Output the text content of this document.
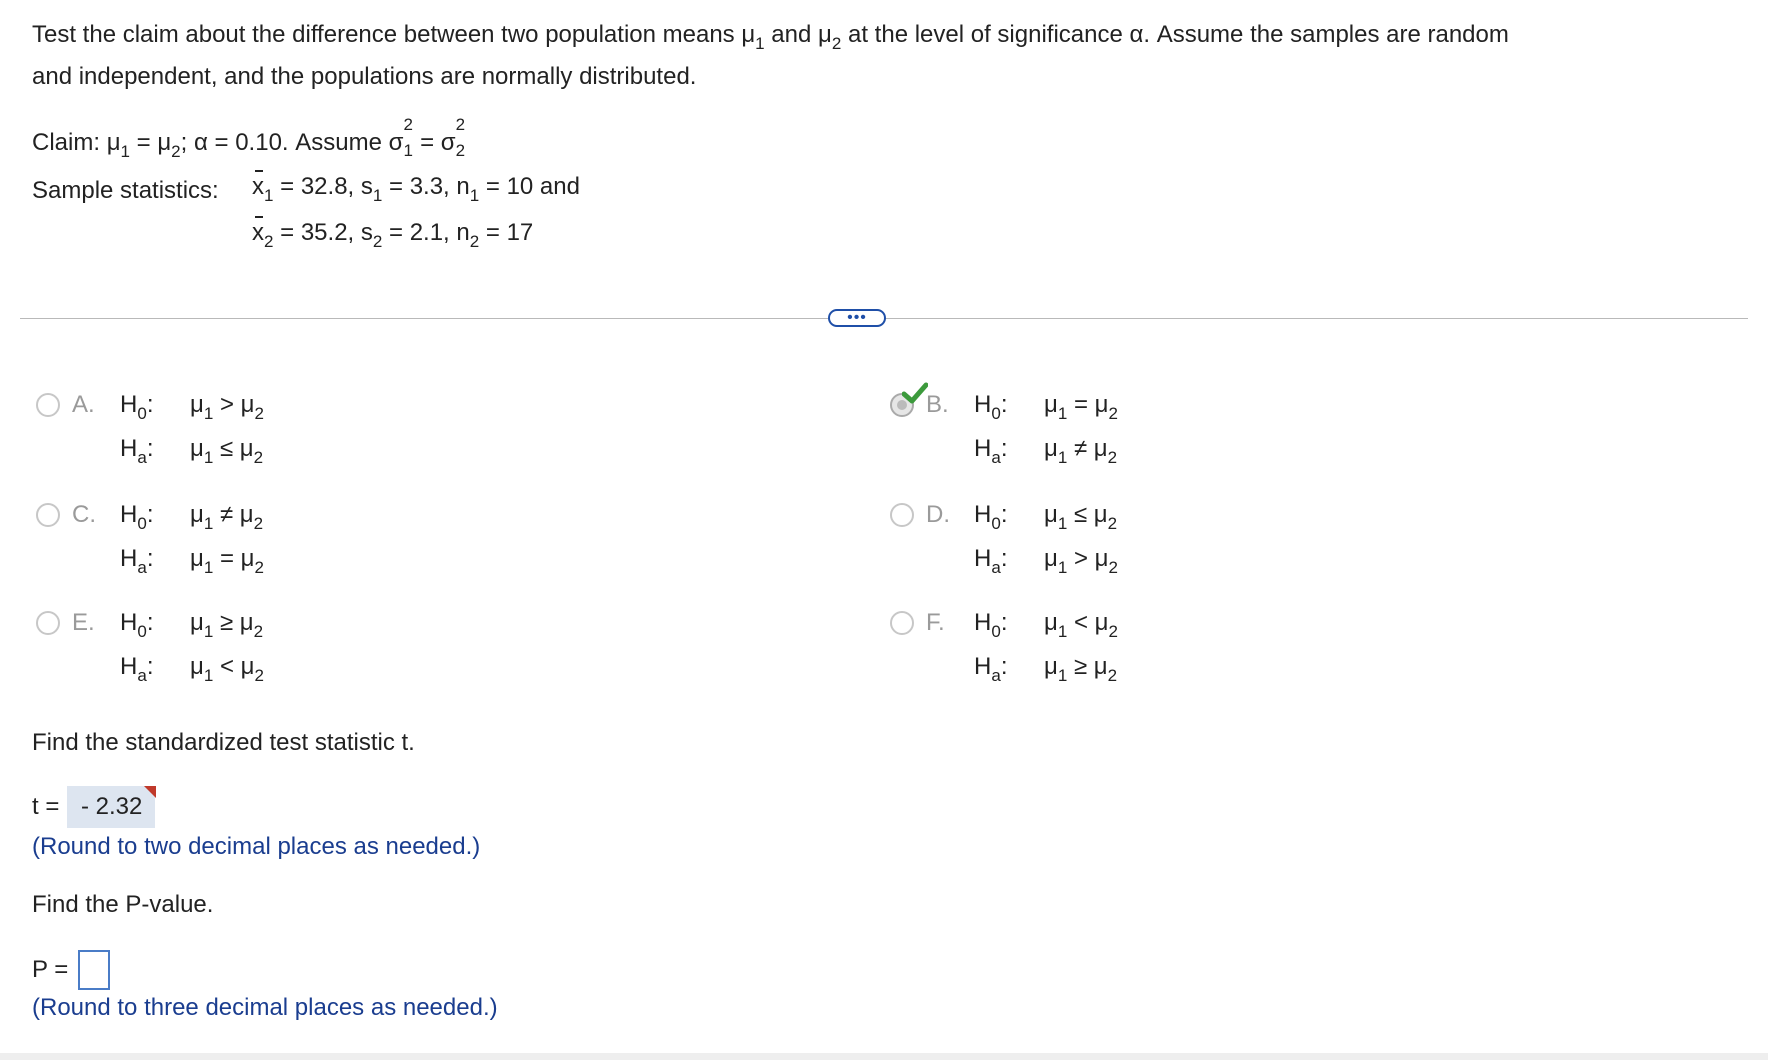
Test the claim about the difference between two population means $\mu_1$ and $\mu_2$ at the level of significance α. Assume the samples are random
and independent, and the populations are normally distributed.
Claim: $\mu_1 = \mu_2$; α = 0.10. Assume σ
2
1 = σ
2
2
Sample statistics: $x_1 = 32.8$, $s_1 = 3.3$, $n_1 = 10$ and
$x_2 = 35.2$, $s_2 = 2.1$, $n_2 = 17$
•••
A. $H_0$: $\mu_1 > \mu_2$
$H_a$: $\mu_1 \le \mu_2$
B. $H_0$: $\mu_1 = \mu_2$
$H_a$: $\mu_1 \ne \mu_2$
C. $H_0$: $\mu_1 \ne \mu_2$
$H_a$: $\mu_1 = \mu_2$
D. $H_0$: $\mu_1 \le \mu_2$
$H_a$: $\mu_1 > \mu_2$
E. $H_0$: $\mu_1 \ge \mu_2$
$H_a$: $\mu_1 < \mu_2$
F. $H_0$: $\mu_1 < \mu_2$
$H_a$: $\mu_1 \ge \mu_2$
Find the standardized test statistic t.
t = - 2.32
(Round to two decimal places as needed.)
Find the P-value.
P =
(Round to three decimal places as needed.)
